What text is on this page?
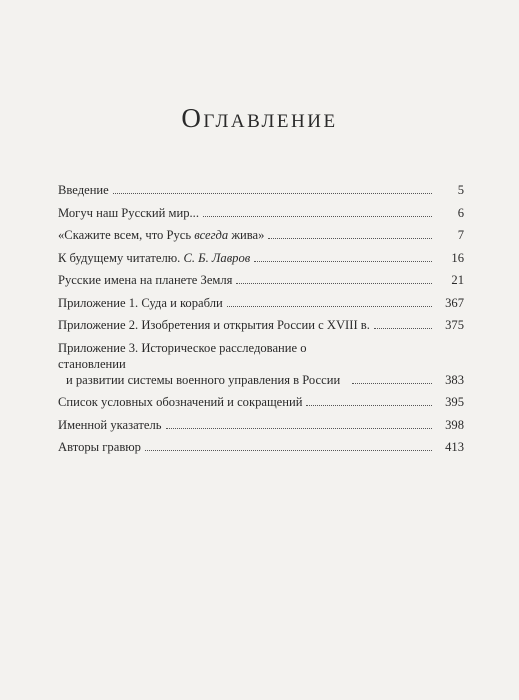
Оглавление
Введение	5
Могуч наш Русский мир...	6
«Скажите всем, что Русь всегда жива»	7
К будущему читателю. С. Б. Лавров	16
Русские имена на планете Земля	21
Приложение 1. Суда и корабли	367
Приложение 2. Изобретения и открытия России с XVIII в.	375
Приложение 3. Историческое расследование о становлении
и развитии системы военного управления в России	383
Список условных обозначений и сокращений	395
Именной указатель	398
Авторы гравюр	413
